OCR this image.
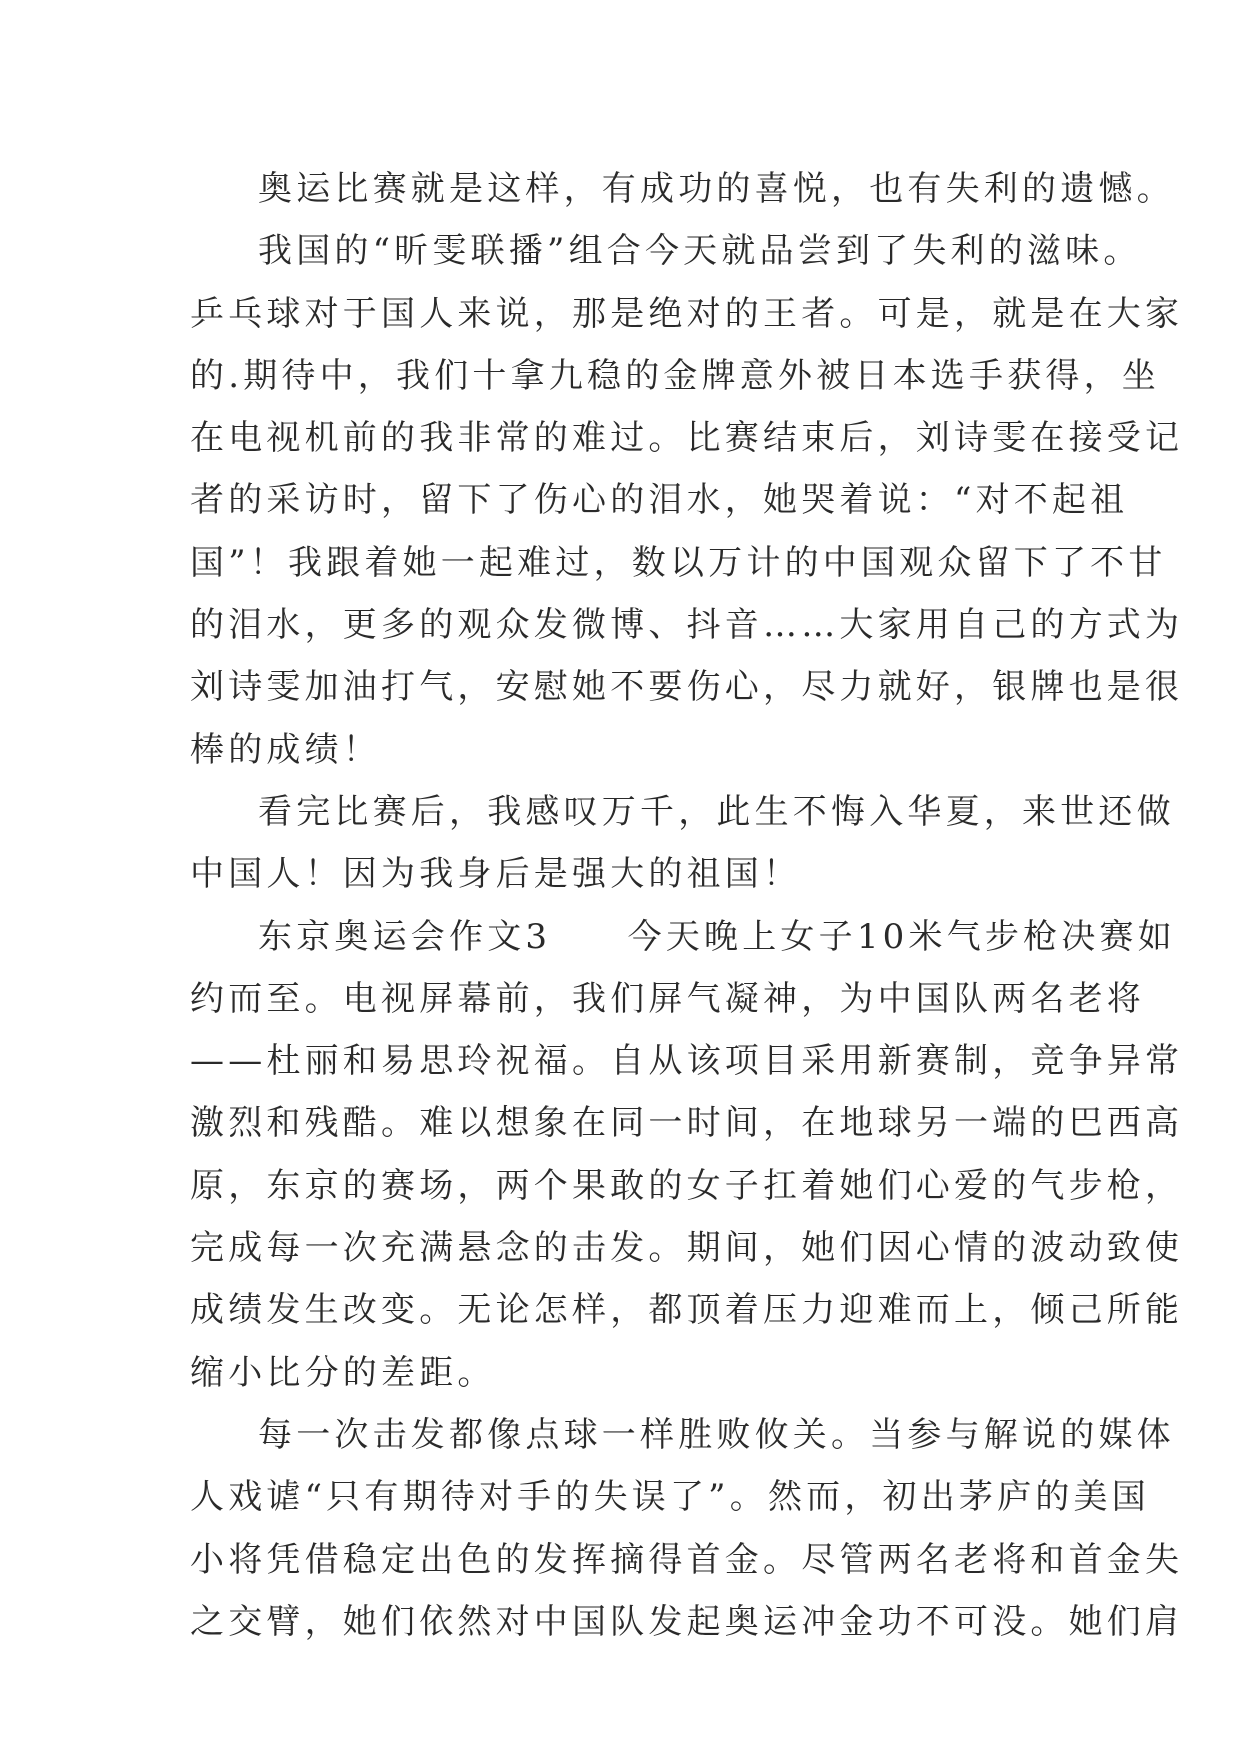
奥运比赛就是这样，有成功的喜悦，也有失利的遗憾。
我国的“昕雯联播”组合今天就品尝到了失利的滋味。
乒乓球对于国人来说，那是绝对的王者。可是，就是在大家
的.期待中，我们十拿九稳的金牌意外被日本选手获得，坐
在电视机前的我非常的难过。比赛结束后，刘诗雯在接受记
者的采访时，留下了伤心的泪水，她哭着说：“对不起祖
国”！我跟着她一起难过，数以万计的中国观众留下了不甘
的泪水，更多的观众发微博、抖音……大家用自己的方式为
刘诗雯加油打气，安慰她不要伤心，尽力就好，银牌也是很
棒的成绩！
看完比赛后，我感叹万千，此生不悔入华夏，来世还做
中国人！因为我身后是强大的祖国！
东京奥运会作文3　　今天晚上女子10米气步枪决赛如
约而至。电视屏幕前，我们屏气凝神，为中国队两名老将
——杜丽和易思玲祝福。自从该项目采用新赛制，竞争异常
激烈和残酷。难以想象在同一时间，在地球另一端的巴西高
原，东京的赛场，两个果敢的女子扛着她们心爱的气步枪，
完成每一次充满悬念的击发。期间，她们因心情的波动致使
成绩发生改变。无论怎样，都顶着压力迎难而上，倾己所能
缩小比分的差距。
每一次击发都像点球一样胜败攸关。当参与解说的媒体
人戏谑“只有期待对手的失误了”。然而，初出茅庐的美国
小将凭借稳定出色的发挥摘得首金。尽管两名老将和首金失
之交臂，她们依然对中国队发起奥运冲金功不可没。她们肩
